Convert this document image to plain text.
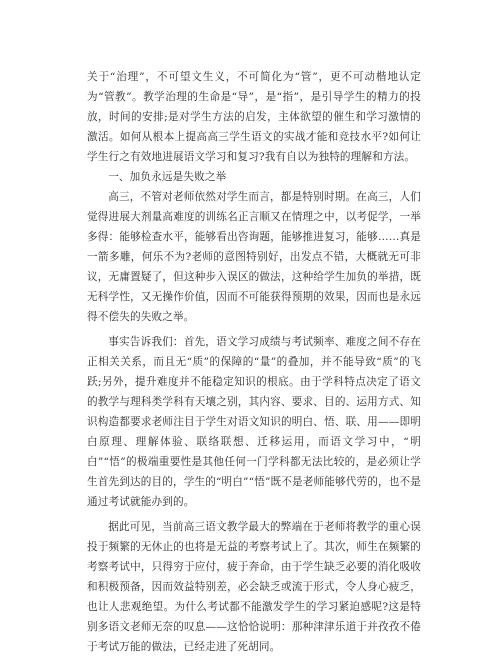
关于“治理”，不可望文生义，不可简化为“管”，更不可动楷地认定为“管教”。教学治理的生命是“导”，是“指”，是引导学生的精力的投放，时间的安排;是对学生方法的启发，主体欲望的催生和学习激情的激活。如何从根本上提高高三学生语文的实战才能和竞技水平?如何让学生行之有效地进展语文学习和复习?我有自以为独特的理解和方法。

一、加负永远是失败之举

高三，不管对老师依然对学生而言，都是特别时期。在高三，人们觉得进展大剂量高难度的训练名正言顺又在情理之中，以考促学，一举多得：能够检查水平，能够看出咨询题，能够推进复习，能够……真是一箭多雕，何乐不为?老师的意图特别好，出发点不错，大概就无可非议，无庸置疑了，但这种步入误区的做法，这种给学生加负的举措，既无科学性，又无操作价值，因而不可能获得预期的效果，因而也是永远得不偿失的失败之举。

事实告诉我们：首先，语文学习成绩与考试频率、难度之间不存在正相关关系，而且无“质”的保障的“量”的叠加，并不能导致“质”的飞跃;另外，提升难度并不能稳定知识的根底。由于学科特点决定了语文的教学与理科类学科有天壤之别，其内容、要求、目的、运用方式、知识构造都要求老师注目于学生对语文知识的明白、悟、联、用——即明白原理、理解体验、联络联想、迁移运用，而语文学习中，“明白”“悟”的极端重要性是其他任何一门学科都无法比较的，是必须让学生首先到达的目的，学生的“明白”“悟”既不是老师能够代劳的，也不是通过考试就能办到的。

据此可见，当前高三语文教学最大的弊端在于老师将教学的重心误投于频繁的无休止的也将是无益的考察考试上了。其次，师生在频繁的考察考试中，只得穷于应付，疲于奔命，由于学生缺乏必要的消化吸收和积极预备，因而效益特别差，必会缺乏或流于形式，令人身心疲乏，也让人悲观绝望。为什么考试都不能激发学生的学习紧迫感呢?这是特别多语文老师无奈的叹息——这恰恰说明：那种津津乐道于并孜孜不倦于考试万能的做法，已经走进了死胡同。
